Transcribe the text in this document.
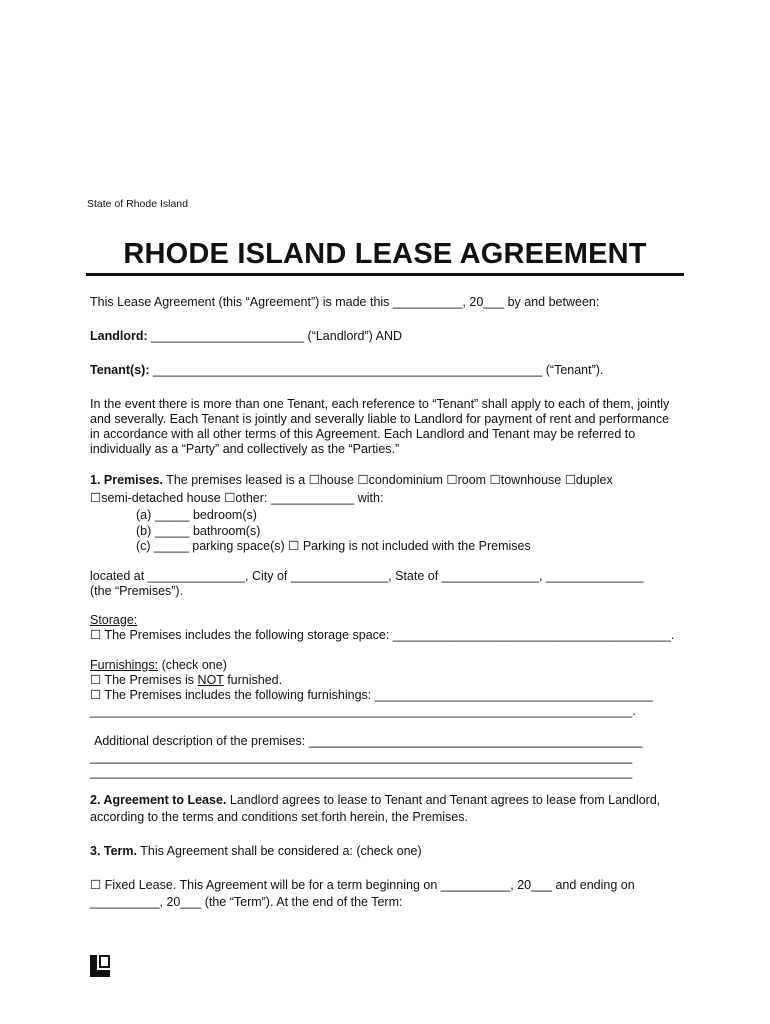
State of Rhode Island
RHODE ISLAND LEASE AGREEMENT
This Lease Agreement (this “Agreement”) is made this __________, 20___ by and between:
Landlord: ______________________ (“Landlord”) AND
Tenant(s): ________________________________________________________ (“Tenant”).
In the event there is more than one Tenant, each reference to “Tenant” shall apply to each of them, jointly
and severally. Each Tenant is jointly and severally liable to Landlord for payment of rent and performance
in accordance with all other terms of this Agreement. Each Landlord and Tenant may be referred to
individually as a “Party” and collectively as the “Parties.”
1. Premises. The premises leased is a ☐house ☐condominium ☐room ☐townhouse ☐duplex
☐semi-detached house ☐other: ____________ with:
(a) _____ bedroom(s)
(b) _____ bathroom(s)
(c) _____ parking space(s) ☐ Parking is not included with the Premises
located at ______________, City of ______________, State of ______________, ______________
(the “Premises”).
Storage:
☐ The Premises includes the following storage space: ________________________________________.
Furnishings: (check one)
☐ The Premises is NOT furnished.
☐ The Premises includes the following furnishings: ________________________________________
______________________________________________________________________________.
Additional description of the premises: ________________________________________________
______________________________________________________________________________
______________________________________________________________________________
2. Agreement to Lease. Landlord agrees to lease to Tenant and Tenant agrees to lease from Landlord,
according to the terms and conditions set forth herein, the Premises.
3. Term. This Agreement shall be considered a: (check one)
☐ Fixed Lease. This Agreement will be for a term beginning on __________, 20___ and ending on
__________, 20___ (the “Term”). At the end of the Term:
